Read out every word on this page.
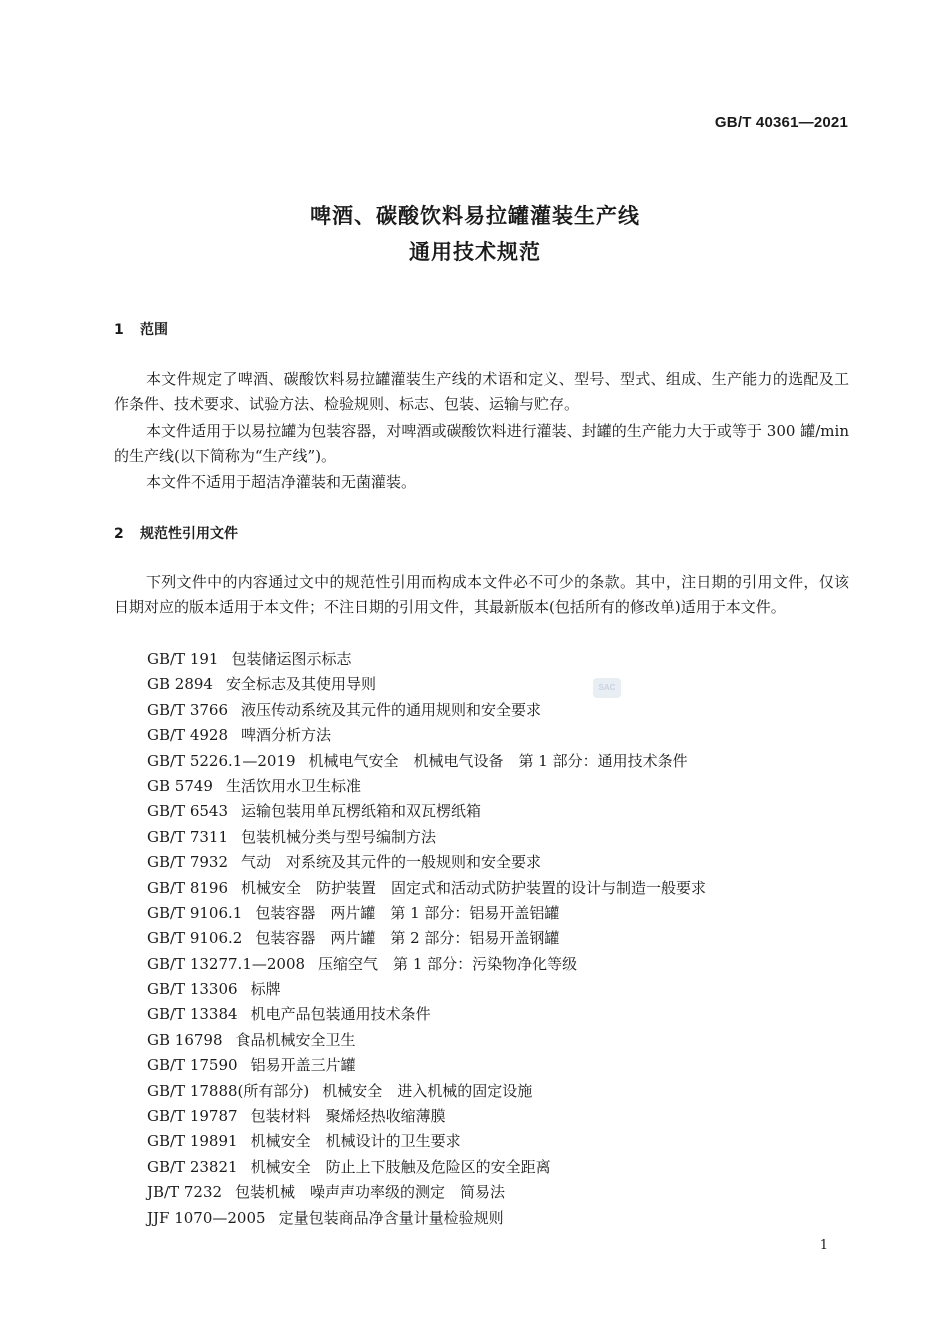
GB/T 40361—2021
啤酒、碳酸饮料易拉罐灌装生产线
通用技术规范
1 范围

本文件规定了啤酒、碳酸饮料易拉罐灌装生产线的术语和定义、型号、型式、组成、生产能力的选配及工作条件、技术要求、试验方法、检验规则、标志、包装、运输与贮存。

本文件适用于以易拉罐为包装容器，对啤酒或碳酸饮料进行灌装、封罐的生产能力大于或等于 300 罐/min 的生产线(以下简称为“生产线”)。

本文件不适用于超洁净灌装和无菌灌装。

2 规范性引用文件

下列文件中的内容通过文中的规范性引用而构成本文件必不可少的条款。其中，注日期的引用文件，仅该日期对应的版本适用于本文件；不注日期的引用文件，其最新版本(包括所有的修改单)适用于本文件。

GB/T 191 包装储运图示标志
GB 2894 安全标志及其使用导则
GB/T 3766 液压传动系统及其元件的通用规则和安全要求
GB/T 4928 啤酒分析方法
GB/T 5226.1—2019 机械电气安全　机械电气设备　第 1 部分：通用技术条件
GB 5749 生活饮用水卫生标准
GB/T 6543 运输包装用单瓦楞纸箱和双瓦楞纸箱
GB/T 7311 包装机械分类与型号编制方法
GB/T 7932 气动　对系统及其元件的一般规则和安全要求
GB/T 8196 机械安全　防护装置　固定式和活动式防护装置的设计与制造一般要求
GB/T 9106.1 包装容器　两片罐　第 1 部分：铝易开盖铝罐
GB/T 9106.2 包装容器　两片罐　第 2 部分：铝易开盖钢罐
GB/T 13277.1—2008 压缩空气　第 1 部分：污染物净化等级
GB/T 13306 标牌
GB/T 13384 机电产品包装通用技术条件
GB 16798 食品机械安全卫生
GB/T 17590 铝易开盖三片罐
GB/T 17888(所有部分) 机械安全　进入机械的固定设施
GB/T 19787 包装材料　聚烯烃热收缩薄膜
GB/T 19891 机械安全　机械设计的卫生要求
GB/T 23821 机械安全　防止上下肢触及危险区的安全距离
JB/T 7232 包装机械　噪声声功率级的测定　简易法
JJF 1070—2005 定量包装商品净含量计量检验规则
SAC
1
